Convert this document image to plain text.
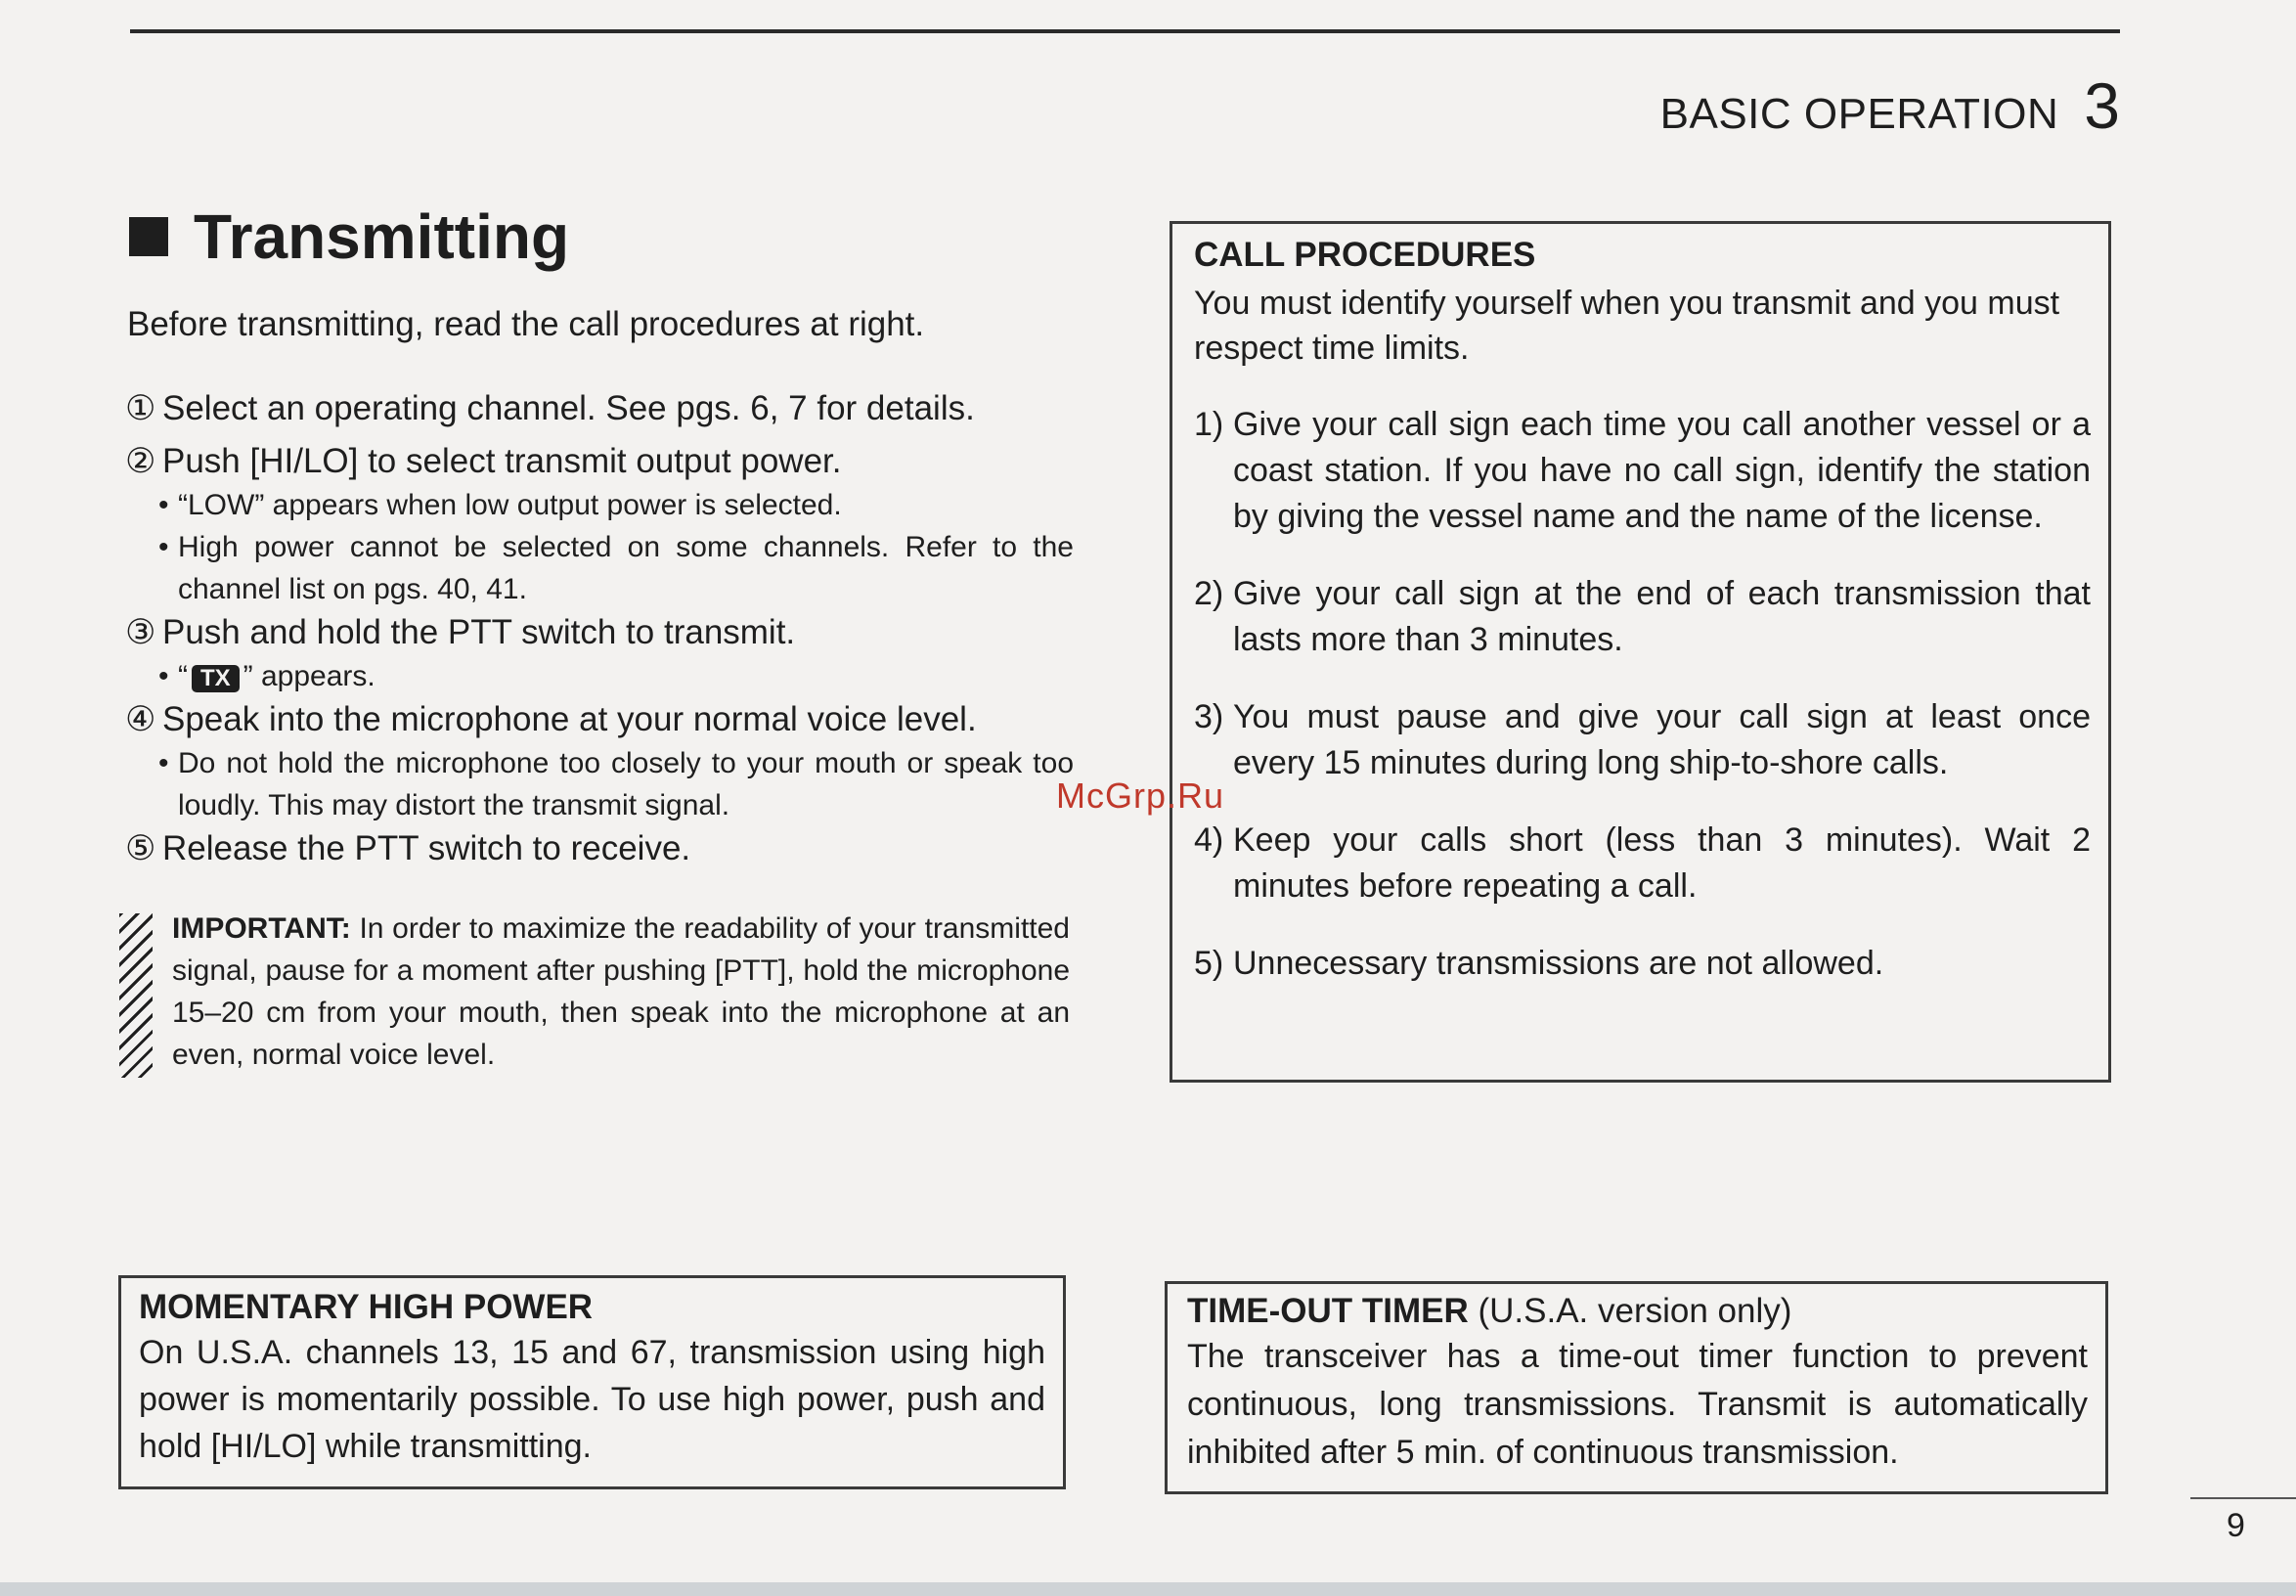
BASIC OPERATION 3
Transmitting
Before transmitting, read the call procedures at right.
① Select an operating channel. See pgs. 6, 7 for details.
② Push [HI/LO] to select transmit output power.
• “LOW” appears when low output power is selected.
• High power cannot be selected on some channels. Refer to the channel list on pgs. 40, 41.
③ Push and hold the PTT switch to transmit.
• “ TX ” appears.
④ Speak into the microphone at your normal voice level.
• Do not hold the microphone too closely to your mouth or speak too loudly. This may distort the transmit signal.
⑤ Release the PTT switch to receive.
IMPORTANT: In order to maximize the readability of your transmitted signal, pause for a moment after pushing [PTT], hold the microphone 15–20 cm from your mouth, then speak into the microphone at an even, normal voice level.
CALL PROCEDURES
You must identify yourself when you transmit and you must respect time limits.
1) Give your call sign each time you call another vessel or a coast station. If you have no call sign, identify the station by giving the vessel name and the name of the license.
2) Give your call sign at the end of each transmission that lasts more than 3 minutes.
3) You must pause and give your call sign at least once every 15 minutes during long ship-to-shore calls.
4) Keep your calls short (less than 3 minutes). Wait 2 minutes before repeating a call.
5) Unnecessary transmissions are not allowed.
McGrp.Ru
MOMENTARY HIGH POWER
On U.S.A. channels 13, 15 and 67, transmission using high power is momentarily possible. To use high power, push and hold [HI/LO] while transmitting.
TIME-OUT TIMER (U.S.A. version only)
The transceiver has a time-out timer function to prevent continuous, long transmissions. Transmit is automatically inhibited after 5 min. of continuous transmission.
9
